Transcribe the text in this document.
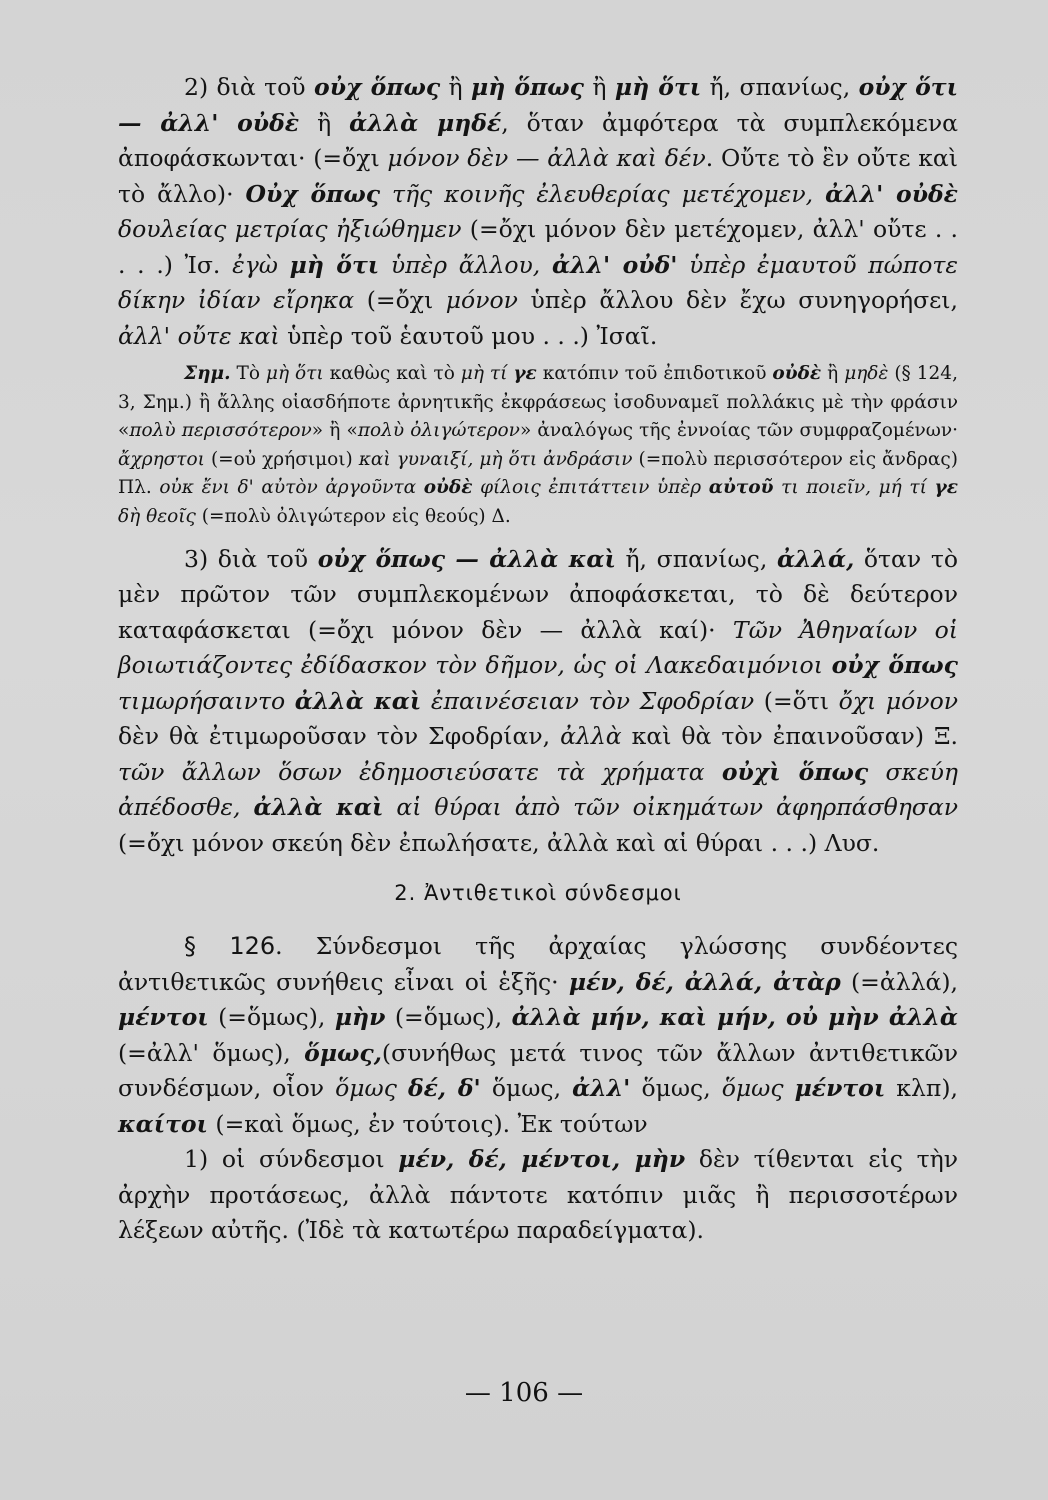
2) διὰ τοῦ οὐχ ὅπως ἢ μὴ ὅπως ἢ μὴ ὅτι ἤ, σπανίως, οὐχ ὅτι — ἀλλ' οὐδὲ ἢ ἀλλὰ μηδέ, ὅταν ἀμφότερα τὰ συμπλεκόμενα ἀποφάσκωνται· (=ὄχι μόνον δὲν — ἀλλὰ καὶ δέν. Οὔτε τὸ ἓν οὔτε καὶ τὸ ἄλλο)· Οὐχ ὅπως τῆς κοινῆς ἐλευθερίας μετέχομεν, ἀλλ' οὐδὲ δουλείας μετρίας ἠξιώθημεν (=ὄχι μόνον δὲν μετέχομεν, ἀλλ' οὔτε . . . . .) Ἰσ. ἐγὼ μὴ ὅτι ὑπὲρ ἄλλου, ἀλλ' οὐδ' ὑπὲρ ἐμαυτοῦ πώποτε δίκην ἰδίαν εἴρηκα (=ὄχι μόνον ὑπὲρ ἄλλου δὲν ἔχω συνηγορήσει, ἀλλ' οὔτε καὶ ὑπὲρ τοῦ ἑαυτοῦ μου . . .) Ἰσαῖ.

Σημ. Τὸ μὴ ὅτι καθὼς καὶ τὸ μὴ τί γε κατόπιν τοῦ ἐπιδοτικοῦ οὐδὲ ἢ μηδὲ (§ 124, 3, Σημ.) ἢ ἄλλης οἱασδήποτε ἀρνητικῆς ἐκφράσεως ἰσοδυναμεῖ πολλάκις μὲ τὴν φράσιν «πολὺ περισσότερον» ἢ «πολὺ ὀλιγώτερον» ἀναλόγως τῆς ἐννοίας τῶν συμφραζομένων· ἄχρηστοι (=οὐ χρήσιμοι) καὶ γυναιξί, μὴ ὅτι ἀνδράσιν (=πολὺ περισσότερον εἰς ἄνδρας) Πλ. οὐκ ἔνι δ' αὐτὸν ἀργοῦντα οὐδὲ φίλοις ἐπιτάττειν ὑπὲρ αὐτοῦ τι ποιεῖν, μή τί γε δὴ θεοῖς (=πολὺ ὀλιγώτερον εἰς θεούς) Δ.

3) διὰ τοῦ οὐχ ὅπως — ἀλλὰ καὶ ἤ, σπανίως, ἀλλά, ὅταν τὸ μὲν πρῶτον τῶν συμπλεκομένων ἀποφάσκεται, τὸ δὲ δεύτερον καταφάσκεται (=ὄχι μόνον δὲν — ἀλλὰ καί)· Τῶν Ἀθηναίων οἱ βοιωτιάζοντες ἐδίδασκον τὸν δῆμον, ὡς οἱ Λακεδαιμόνιοι οὐχ ὅπως τιμωρήσαιντο ἀλλὰ καὶ ἐπαινέσειαν τὸν Σφοδρίαν (=ὅτι ὄχι μόνον δὲν θὰ ἐτιμωροῦσαν τὸν Σφοδρίαν, ἀλλὰ καὶ θὰ τὸν ἐπαινοῦσαν) Ξ. τῶν ἄλλων ὅσων ἐδημοσιεύσατε τὰ χρήματα οὐχὶ ὅπως σκεύη ἀπέδοσθε, ἀλλὰ καὶ αἱ θύραι ἀπὸ τῶν οἰκημάτων ἀφηρπάσθησαν (=ὄχι μόνον σκεύη δὲν ἐπωλήσατε, ἀλλὰ καὶ αἱ θύραι . . .) Λυσ.

2. Ἀντιθετικοὶ σύνδεσμοι

§ 126. Σύνδεσμοι τῆς ἀρχαίας γλώσσης συνδέοντες ἀντιθετικῶς συνήθεις εἶναι οἱ ἑξῆς· μέν, δέ, ἀλλά, ἀτὰρ (=ἀλλά), μέντοι (=ὅμως), μὴν (=ὅμως), ἀλλὰ μήν, καὶ μήν, οὐ μὴν ἀλλὰ (=ἀλλ' ὅμως), ὅμως,(συνήθως μετά τινος τῶν ἄλλων ἀντιθετικῶν συνδέσμων, οἷον ὅμως δέ, δ' ὅμως, ἀλλ' ὅμως, ὅμως μέντοι κλπ), καίτοι (=καὶ ὅμως, ἐν τούτοις). Ἐκ τούτων

1) οἱ σύνδεσμοι μέν, δέ, μέντοι, μὴν δὲν τίθενται εἰς τὴν ἀρχὴν προτάσεως, ἀλλὰ πάντοτε κατόπιν μιᾶς ἢ περισσοτέρων λέξεων αὐτῆς. (Ἰδὲ τὰ κατωτέρω παραδείγματα).

— 106 —
